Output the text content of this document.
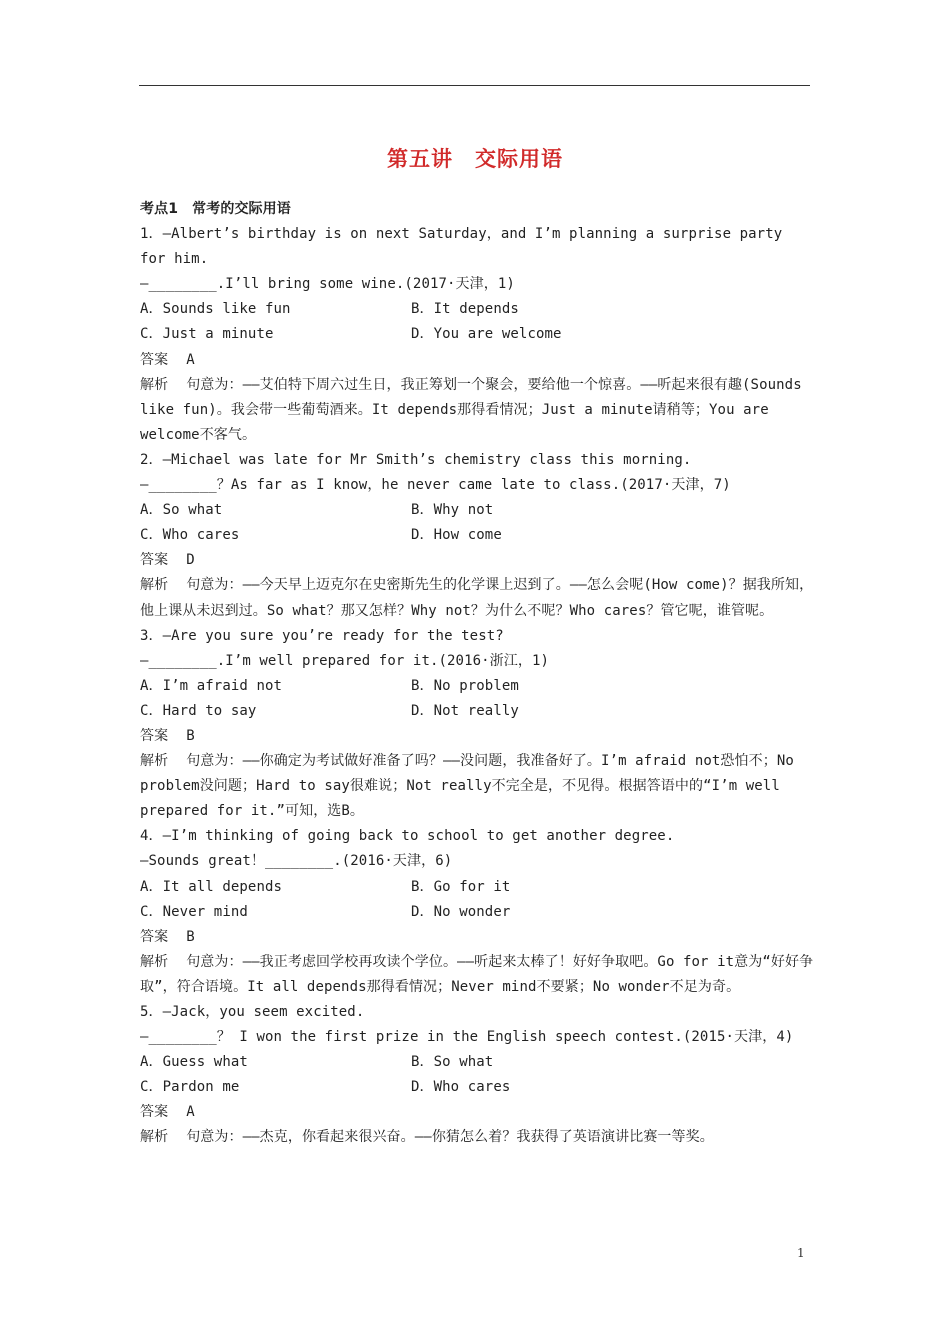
第五讲　交际用语
考点1　常考的交际用语
1．—Albert’s birthday is on next Saturday，and I’m planning a surprise party
for him.
—________.I’ll bring some wine.(2017·天津，1)
A．Sounds like fun	B．It depends
C．Just a minute	D．You are welcome
答案 A
解析 句意为：——艾伯特下周六过生日，我正筹划一个聚会，要给他一个惊喜。——听起来很有趣(Sounds like fun)。我会带一些葡萄酒来。It depends那得看情况；Just a minute请稍等；You are welcome不客气。
2．—Michael was late for Mr Smith’s chemistry class this morning.
—________？As far as I know，he never came late to class.(2017·天津，7)
A．So what	B．Why not
C．Who cares	D．How come
答案 D
解析 句意为：——今天早上迈克尔在史密斯先生的化学课上迟到了。——怎么会呢(How come)？据我所知，他上课从未迟到过。So what？那又怎样？Why not？为什么不呢？Who cares？管它呢，谁管呢。
3．—Are you sure you’re ready for the test?
—________.I’m well prepared for it.(2016·浙江，1)
A．I’m afraid not	B．No problem
C．Hard to say	D．Not really
答案 B
解析 句意为：——你确定为考试做好准备了吗？——没问题，我准备好了。I’m afraid not恐怕不；No problem没问题；Hard to say很难说；Not really不完全是，不见得。根据答语中的“I’m well prepared for it.”可知，选B。
4．—I’m thinking of going back to school to get another degree.
—Sounds great！________.(2016·天津，6)
A．It all depends	B．Go for it
C．Never mind	D．No wonder
答案 B
解析 句意为：——我正考虑回学校再攻读个学位。——听起来太棒了！好好争取吧。Go for it意为“好好争取”，符合语境。It all depends那得看情况；Never mind不要紧；No wonder不足为奇。
5．—Jack，you seem excited.
—________？ I won the first prize in the English speech contest.(2015·天津，4)
A．Guess what	B．So what
C．Pardon me	D．Who cares
答案 A
解析 句意为：——杰克，你看起来很兴奋。——你猜怎么着？我获得了英语演讲比赛一等奖。
1
